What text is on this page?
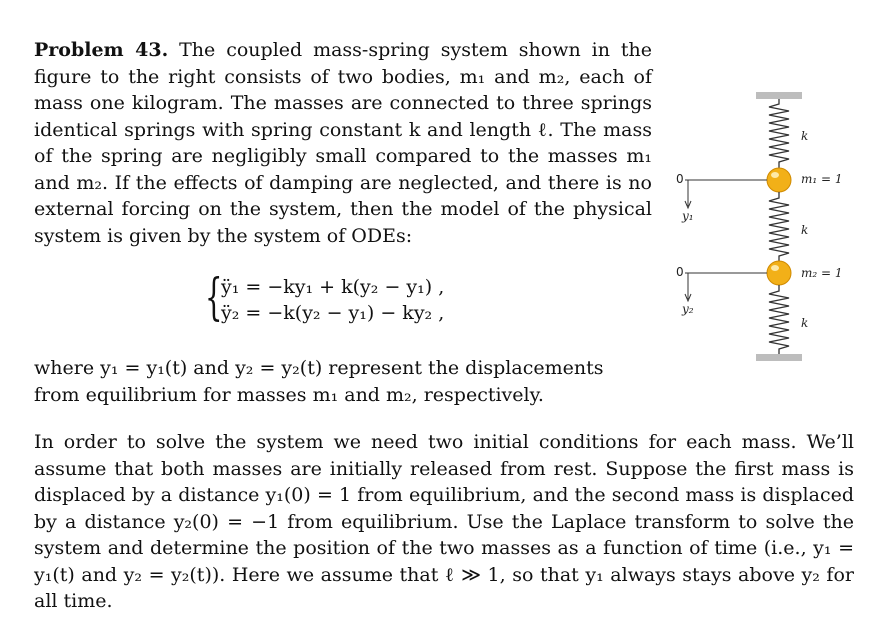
Problem 43. The coupled mass-spring system shown in the figure to the right consists of two bodies, m₁ and m₂, each of mass one kilogram. The masses are connected to three springs identical springs with spring constant k and length ℓ. The mass of the spring are negligibly small compared to the masses m₁ and m₂. If the effects of damping are neglected, and there is no external forcing on the system, then the model of the physical system is given by the system of ODEs:

{
ÿ₁ = −ky₁ + k(y₂ − y₁) ,
ÿ₂ = −k(y₂ − y₁) − ky₂ ,

where y₁ = y₁(t) and y₂ = y₂(t) represent the displacements from equilibrium for masses m₁ and m₂, respectively.

In order to solve the system we need two initial conditions for each mass. We’ll assume that both masses are initially released from rest. Suppose the first mass is displaced by a distance y₁(0) = 1 from equilibrium, and the second mass is displaced by a distance y₂(0) = −1 from equilibrium. Use the Laplace transform to solve the system and determine the position of the two masses as a function of time (i.e., y₁ = y₁(t) and y₂ = y₂(t)). Here we assume that ℓ ≫ 1, so that y₁ always stays above y₂ for all time.

0
0
y₁
y₂
k
k
k
m₁ = 1
m₂ = 1
